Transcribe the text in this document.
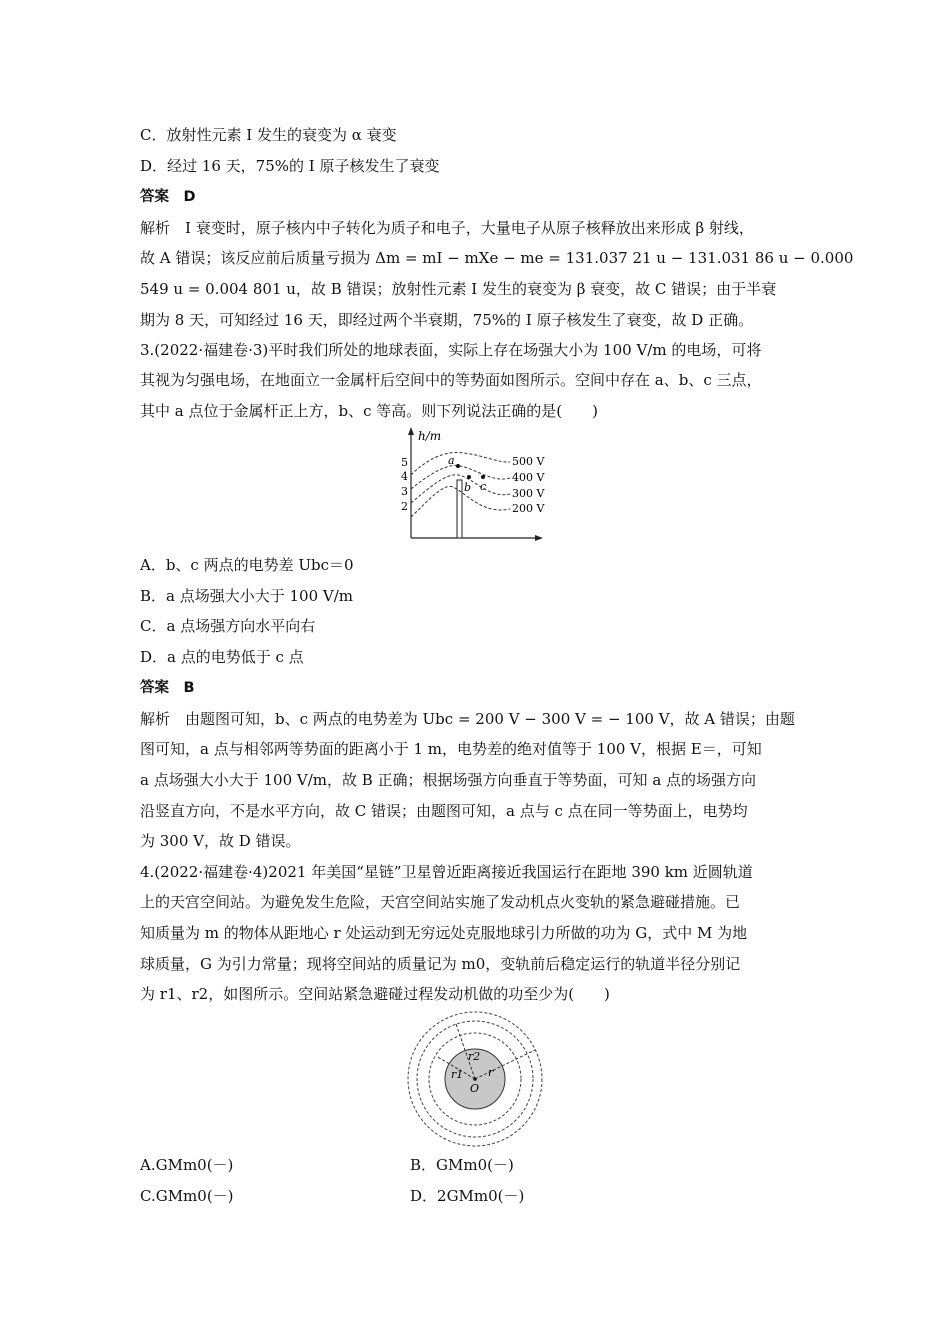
C．放射性元素 I 发生的衰变为 α 衰变
D．经过 16 天，75%的 I 原子核发生了衰变
答案　D
解析　I 衰变时，原子核内中子转化为质子和电子，大量电子从原子核释放出来形成 β 射线，
故 A 错误；该反应前后质量亏损为 Δm = mI − mXe − me = 131.037 21 u − 131.031 86 u − 0.000
549 u = 0.004 801 u，故 B 错误；放射性元素 I 发生的衰变为 β 衰变，故 C 错误；由于半衰
期为 8 天，可知经过 16 天，即经过两个半衰期，75%的 I 原子核发生了衰变，故 D 正确。
3.(2022·福建卷·3)平时我们所处的地球表面，实际上存在场强大小为 100 V/m 的电场，可将
其视为匀强电场，在地面立一金属杆后空间中的等势面如图所示。空间中存在 a、b、c 三点，
其中 a 点位于金属杆正上方，b、c 等高。则下列说法正确的是(　　)
h/m
5
4
3
2
a
b c
500 V
400 V
300 V
200 V
A．b、c 两点的电势差 Ubc＝0
B．a 点场强大小大于 100 V/m
C．a 点场强方向水平向右
D．a 点的电势低于 c 点
答案　B
解析　由题图可知，b、c 两点的电势差为 Ubc = 200 V − 300 V = − 100 V，故 A 错误；由题
图可知，a 点与相邻两等势面的距离小于 1 m，电势差的绝对值等于 100 V，根据 E＝，可知
a 点场强大小大于 100 V/m，故 B 正确；根据场强方向垂直于等势面，可知 a 点的场强方向
沿竖直方向，不是水平方向，故 C 错误；由题图可知，a 点与 c 点在同一等势面上，电势均
为 300 V，故 D 错误。
4.(2022·福建卷·4)2021 年美国“星链”卫星曾近距离接近我国运行在距地 390 km 近圆轨道
上的天宫空间站。为避免发生危险，天宫空间站实施了发动机点火变轨的紧急避碰措施。已
知质量为 m 的物体从距地心 r 处运动到无穷远处克服地球引力所做的功为 G，式中 M 为地
球质量，G 为引力常量；现将空间站的质量记为 m0，变轨前后稳定运行的轨道半径分别记
为 r1、r2，如图所示。空间站紧急避碰过程发动机做的功至少为(　　)
r2
r1 r
O
A.GMm0(－)	B．GMm0(－)
C.GMm0(－)	D．2GMm0(－)
